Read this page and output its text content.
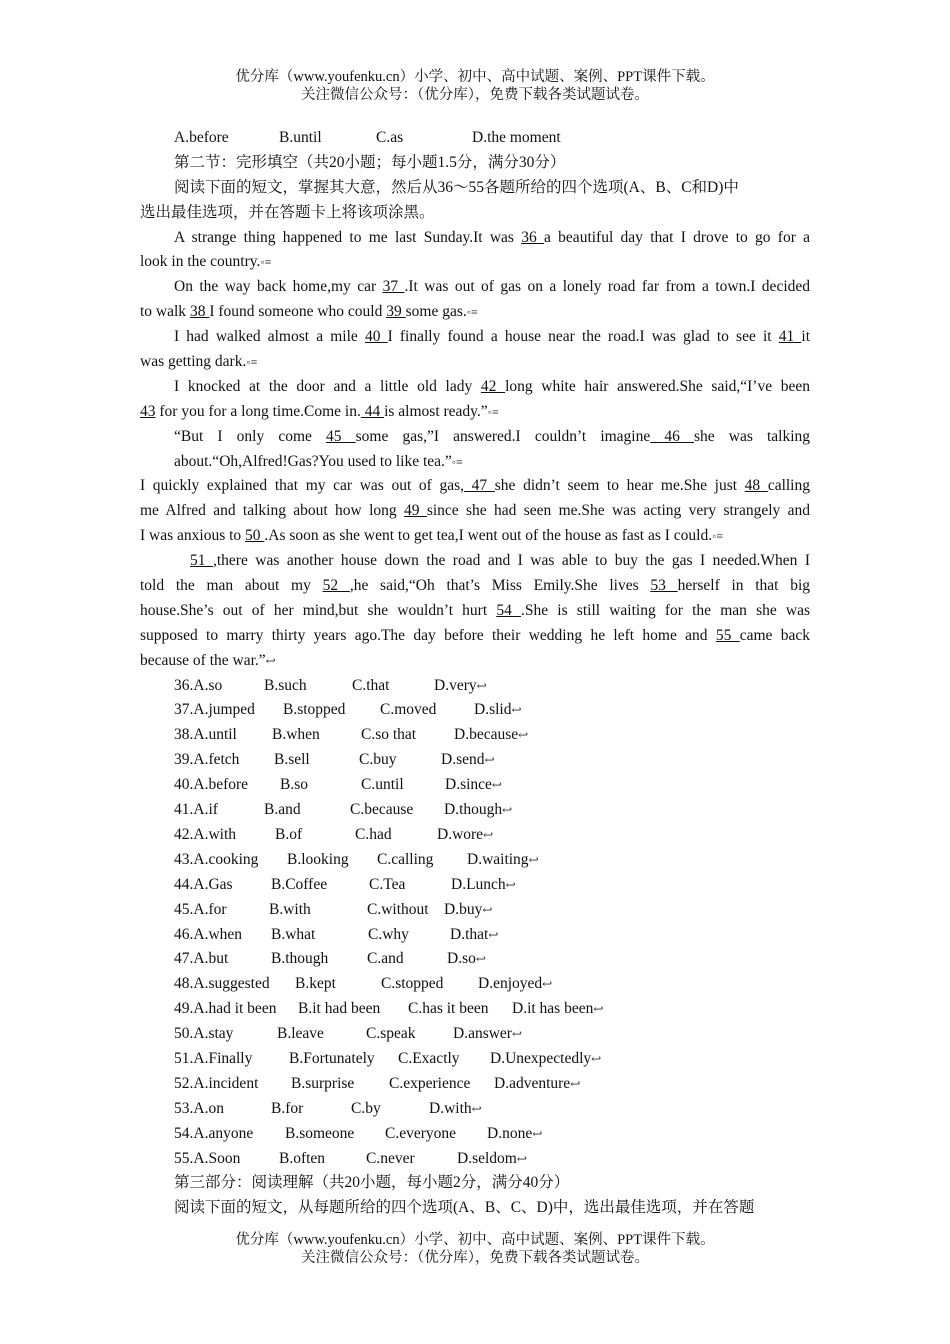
优分库（www.youfenku.cn）小学、初中、高中试题、案例、PPT课件下载。
关注微信公众号：（优分库），免费下载各类试题试卷。
A.before	B.until	C.as	D.the moment
第二节：完形填空（共20小题；每小题1.5分，满分30分）
阅读下面的短文，掌握其大意，然后从36～55各题所给的四个选项(A、B、C和D)中
选出最佳选项，并在答题卡上将该项涂黑。
A strange thing happened to me last Sunday.It was 36 a beautiful day that I drove to go for a
look in the country.◦≡
On the way back home,my car 37 .It was out of gas on a lonely road far from a town.I decided
to walk 38 I found someone who could 39 some gas.◦≡
I had walked almost a mile 40 I finally found a house near the road.I was glad to see it 41 it
was getting dark.◦≡
I knocked at the door and a little old lady 42 long white hair answered.She said,“I’ve been
43 for you for a long time.Come in. 44 is almost ready.”◦≡
“But I only come 45 some gas,”I answered.I couldn’t imagine 46 she was talking
about.“Oh,Alfred!Gas?You used to like tea.”◦≡
I quickly explained that my car was out of gas, 47 she didn’t seem to hear me.She just 48 calling
me Alfred and talking about how long 49 since she had seen me.She was acting very strangely and
I was anxious to 50 .As soon as she went to get tea,I went out of the house as fast as I could.◦≡
51 ,there was another house down the road and I was able to buy the gas I needed.When I
told the man about my 52 ,he said,“Oh that’s Miss Emily.She lives 53 herself in that big
house.She’s out of her mind,but she wouldn’t hurt 54 .She is still waiting for the man she was
supposed to marry thirty years ago.The day before their wedding he left home and 55 came back
because of the war.”↩
36.A.so	B.such	C.that	D.very↩
37.A.jumped B.stopped C.moved D.slid↩
38.A.until B.when	C.so that D.because↩
39.A.fetch B.sell	C.buy	D.send↩
40.A.before B.so	C.until	D.since↩
41.A.if	B.and	C.because D.though↩
42.A.with	B.of	C.had	D.wore↩
43.A.cooking B.looking C.calling D.waiting↩
44.A.Gas B.Coffee	C.Tea	D.Lunch↩
45.A.for	B.with	C.without D.buy↩
46.A.when B.what	C.why	D.that↩
47.A.but	B.though C.and	D.so↩
48.A.suggested B.kept	C.stopped D.enjoyed↩
49.A.had it been B.it had been C.has it been D.it has been↩
50.A.stay	B.leave	C.speak D.answer↩
51.A.Finally B.Fortunately C.Exactly D.Unexpectedly↩
52.A.incident B.surprise C.experience D.adventure↩
53.A.on	B.for	C.by	D.with↩
54.A.anyone B.someone C.everyone D.none↩
55.A.Soon B.often	C.never	D.seldom↩
第三部分：阅读理解（共20小题，每小题2分，满分40分）
阅读下面的短文，从每题所给的四个选项(A、B、C、D)中，选出最佳选项，并在答题
优分库（www.youfenku.cn）小学、初中、高中试题、案例、PPT课件下载。
关注微信公众号：（优分库），免费下载各类试题试卷。
